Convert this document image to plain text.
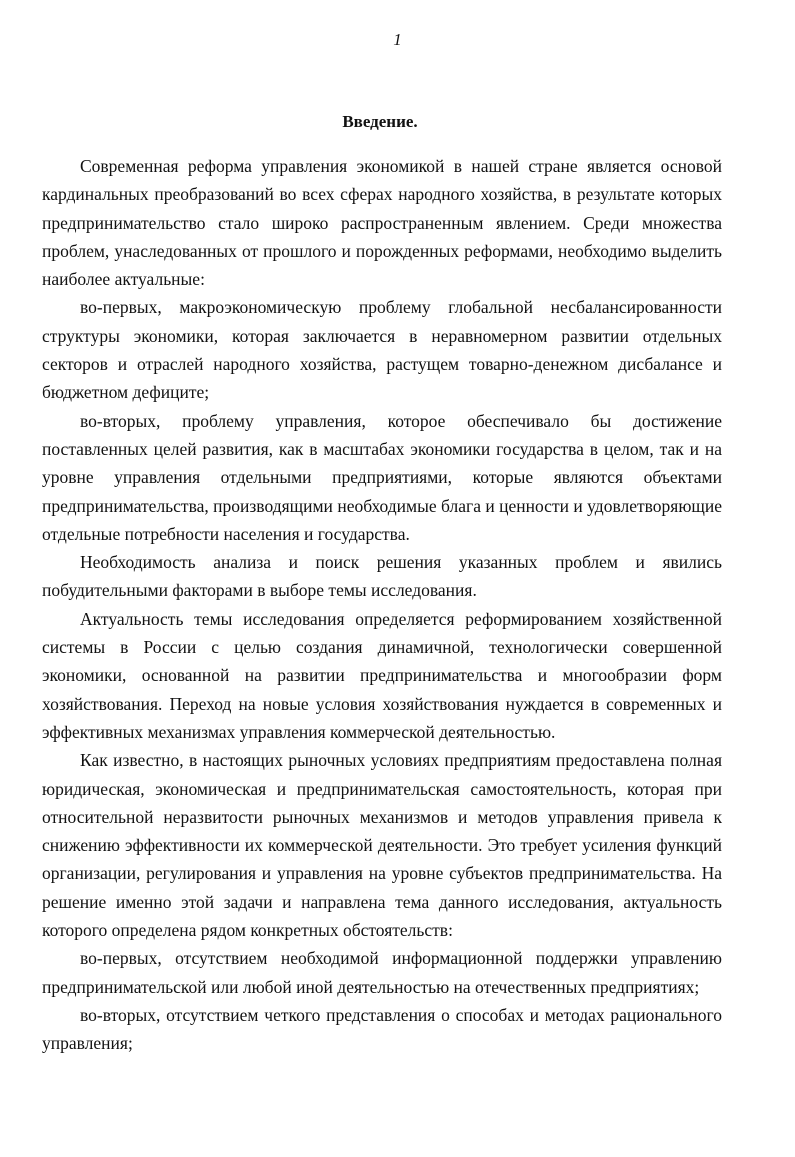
1
Введение.

Современная реформа управления экономикой в нашей стране является основой кардинальных преобразований во всех сферах народного хозяйства, в результате которых предпринимательство стало широко распространенным явлением. Среди множества проблем, унаследованных от прошлого и порожденных реформами, необходимо выделить наиболее актуальные:

во-первых, макроэкономическую проблему глобальной несбалансированности структуры экономики, которая заключается в неравномерном развитии отдельных секторов и отраслей народного хозяйства, растущем товарно-денежном дисбалансе и бюджетном дефиците;

во-вторых, проблему управления, которое обеспечивало бы достижение поставленных целей развития, как в масштабах экономики государства в целом, так и на уровне управления отдельными предприятиями, которые являются объектами предпринимательства, производящими необходимые блага и ценности и удовлетворяющие отдельные потребности населения и государства.

Необходимость анализа и поиск решения указанных проблем и явились побудительными факторами в выборе темы исследования.

Актуальность темы исследования определяется реформированием хозяйственной системы в России с целью создания динамичной, технологически совершенной экономики, основанной на развитии предпринимательства и многообразии форм хозяйствования. Переход на новые условия хозяйствования нуждается в современных и эффективных механизмах управления коммерческой деятельностью.

Как известно, в настоящих рыночных условиях предприятиям предоставлена полная юридическая, экономическая и предпринимательская самостоятельность, которая при относительной неразвитости рыночных механизмов и методов управления привела к снижению эффективности их коммерческой деятельности. Это требует усиления функций организации, регулирования и управления на уровне субъектов предпринимательства. На решение именно этой задачи и направлена тема данного исследования, актуальность которого определена рядом конкретных обстоятельств:

во-первых, отсутствием необходимой информационной поддержки управлению предпринимательской или любой иной деятельностью на отечественных предприятиях;

во-вторых, отсутствием четкого представления о способах и методах рационального управления;
